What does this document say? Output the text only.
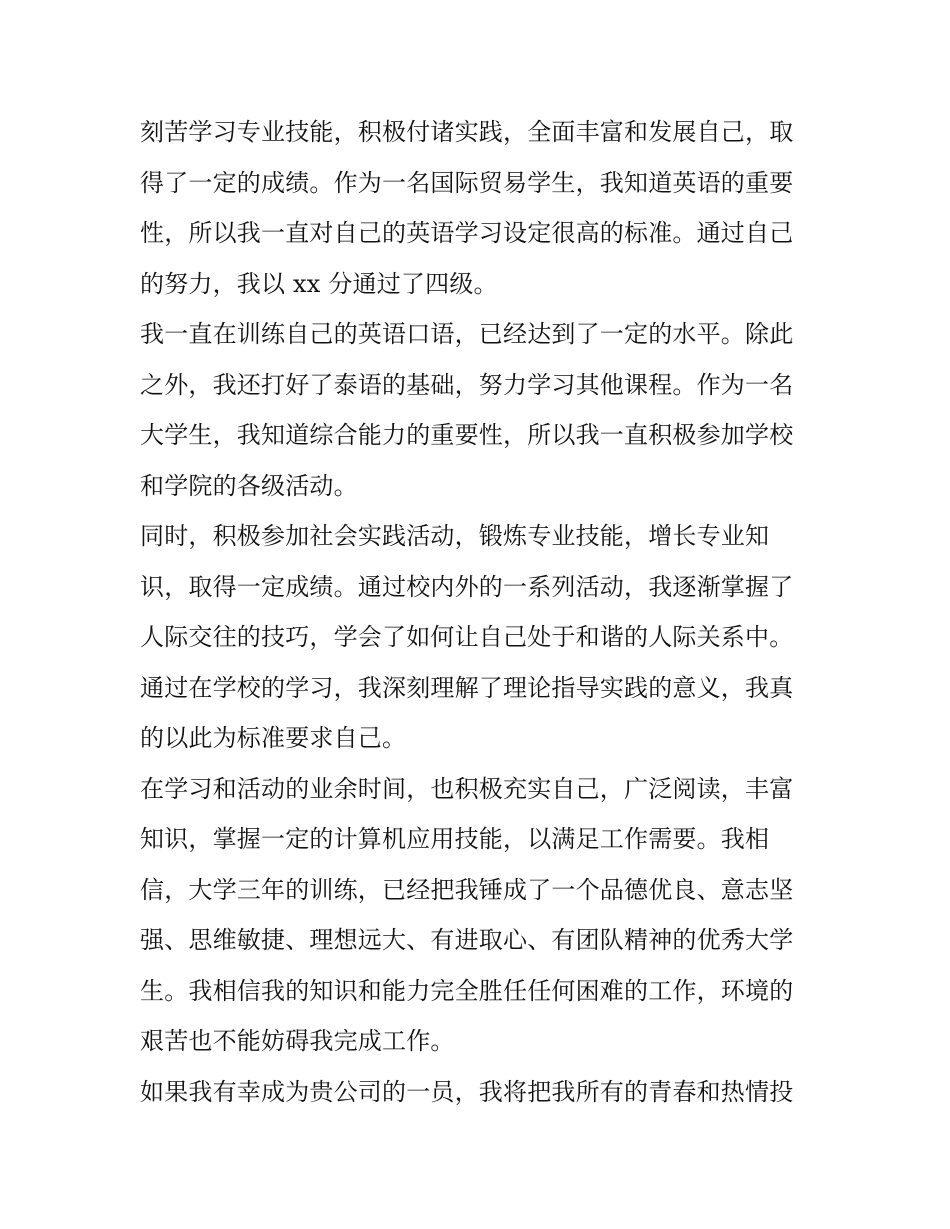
刻苦学习专业技能，积极付诸实践，全面丰富和发展自己，取
得了一定的成绩。作为一名国际贸易学生，我知道英语的重要
性，所以我一直对自己的英语学习设定很高的标准。通过自己
的努力，我以 xx 分通过了四级。
我一直在训练自己的英语口语，已经达到了一定的水平。除此
之外，我还打好了泰语的基础，努力学习其他课程。作为一名
大学生，我知道综合能力的重要性，所以我一直积极参加学校
和学院的各级活动。
同时，积极参加社会实践活动，锻炼专业技能，增长专业知
识，取得一定成绩。通过校内外的一系列活动，我逐渐掌握了
人际交往的技巧，学会了如何让自己处于和谐的人际关系中。
通过在学校的学习，我深刻理解了理论指导实践的意义，我真
的以此为标准要求自己。
在学习和活动的业余时间，也积极充实自己，广泛阅读，丰富
知识，掌握一定的计算机应用技能，以满足工作需要。我相
信，大学三年的训练，已经把我锤成了一个品德优良、意志坚
强、思维敏捷、理想远大、有进取心、有团队精神的优秀大学
生。我相信我的知识和能力完全胜任任何困难的工作，环境的
艰苦也不能妨碍我完成工作。
如果我有幸成为贵公司的一员，我将把我所有的青春和热情投
